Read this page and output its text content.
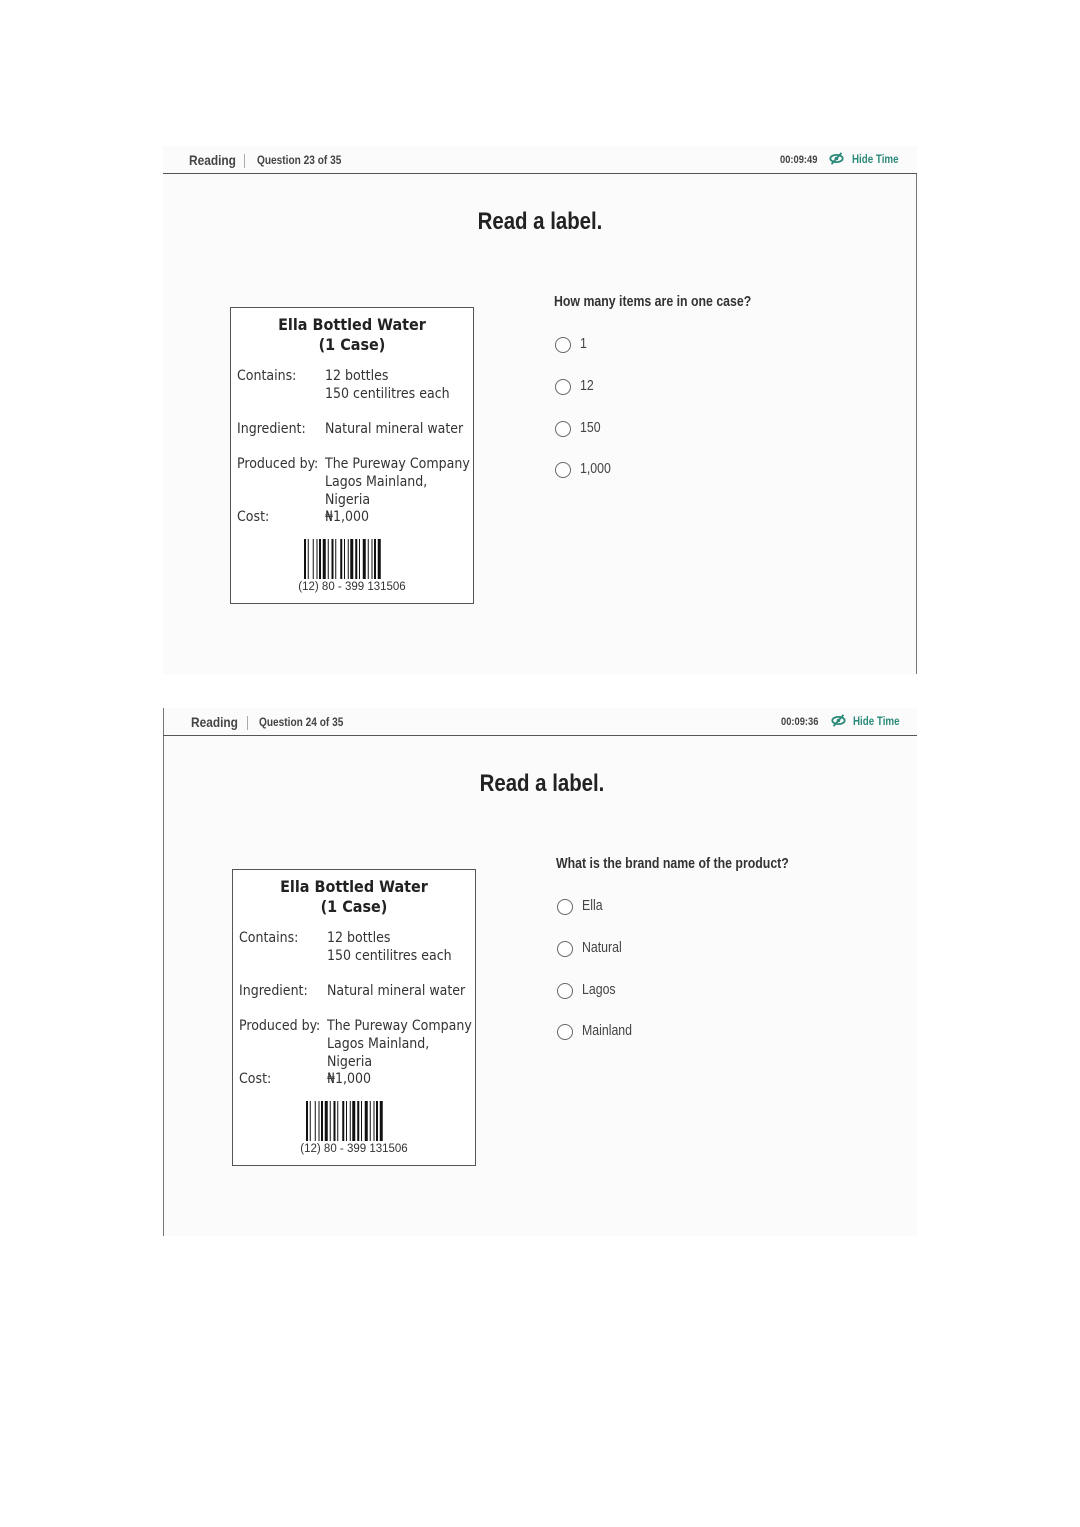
Reading Question 23 of 35	00:09:49	Hide Time
Read a label.
Ella Bottled Water
(1 Case)
Contains: 12 bottles
150 centilitres each
Ingredient: Natural mineral water
Produced by: The Pureway Company
Lagos Mainland, Nigeria
Cost:	₦1,000
(12) 80 - 399 131506
How many items are in one case?
1
12
150
1,000
Reading Question 24 of 35	00:09:36	Hide Time
Read a label.
Ella Bottled Water
(1 Case)
Contains: 12 bottles
150 centilitres each
Ingredient: Natural mineral water
Produced by: The Pureway Company
Lagos Mainland, Nigeria
Cost:	₦1,000
(12) 80 - 399 131506
What is the brand name of the product?
Ella
Natural
Lagos
Mainland
